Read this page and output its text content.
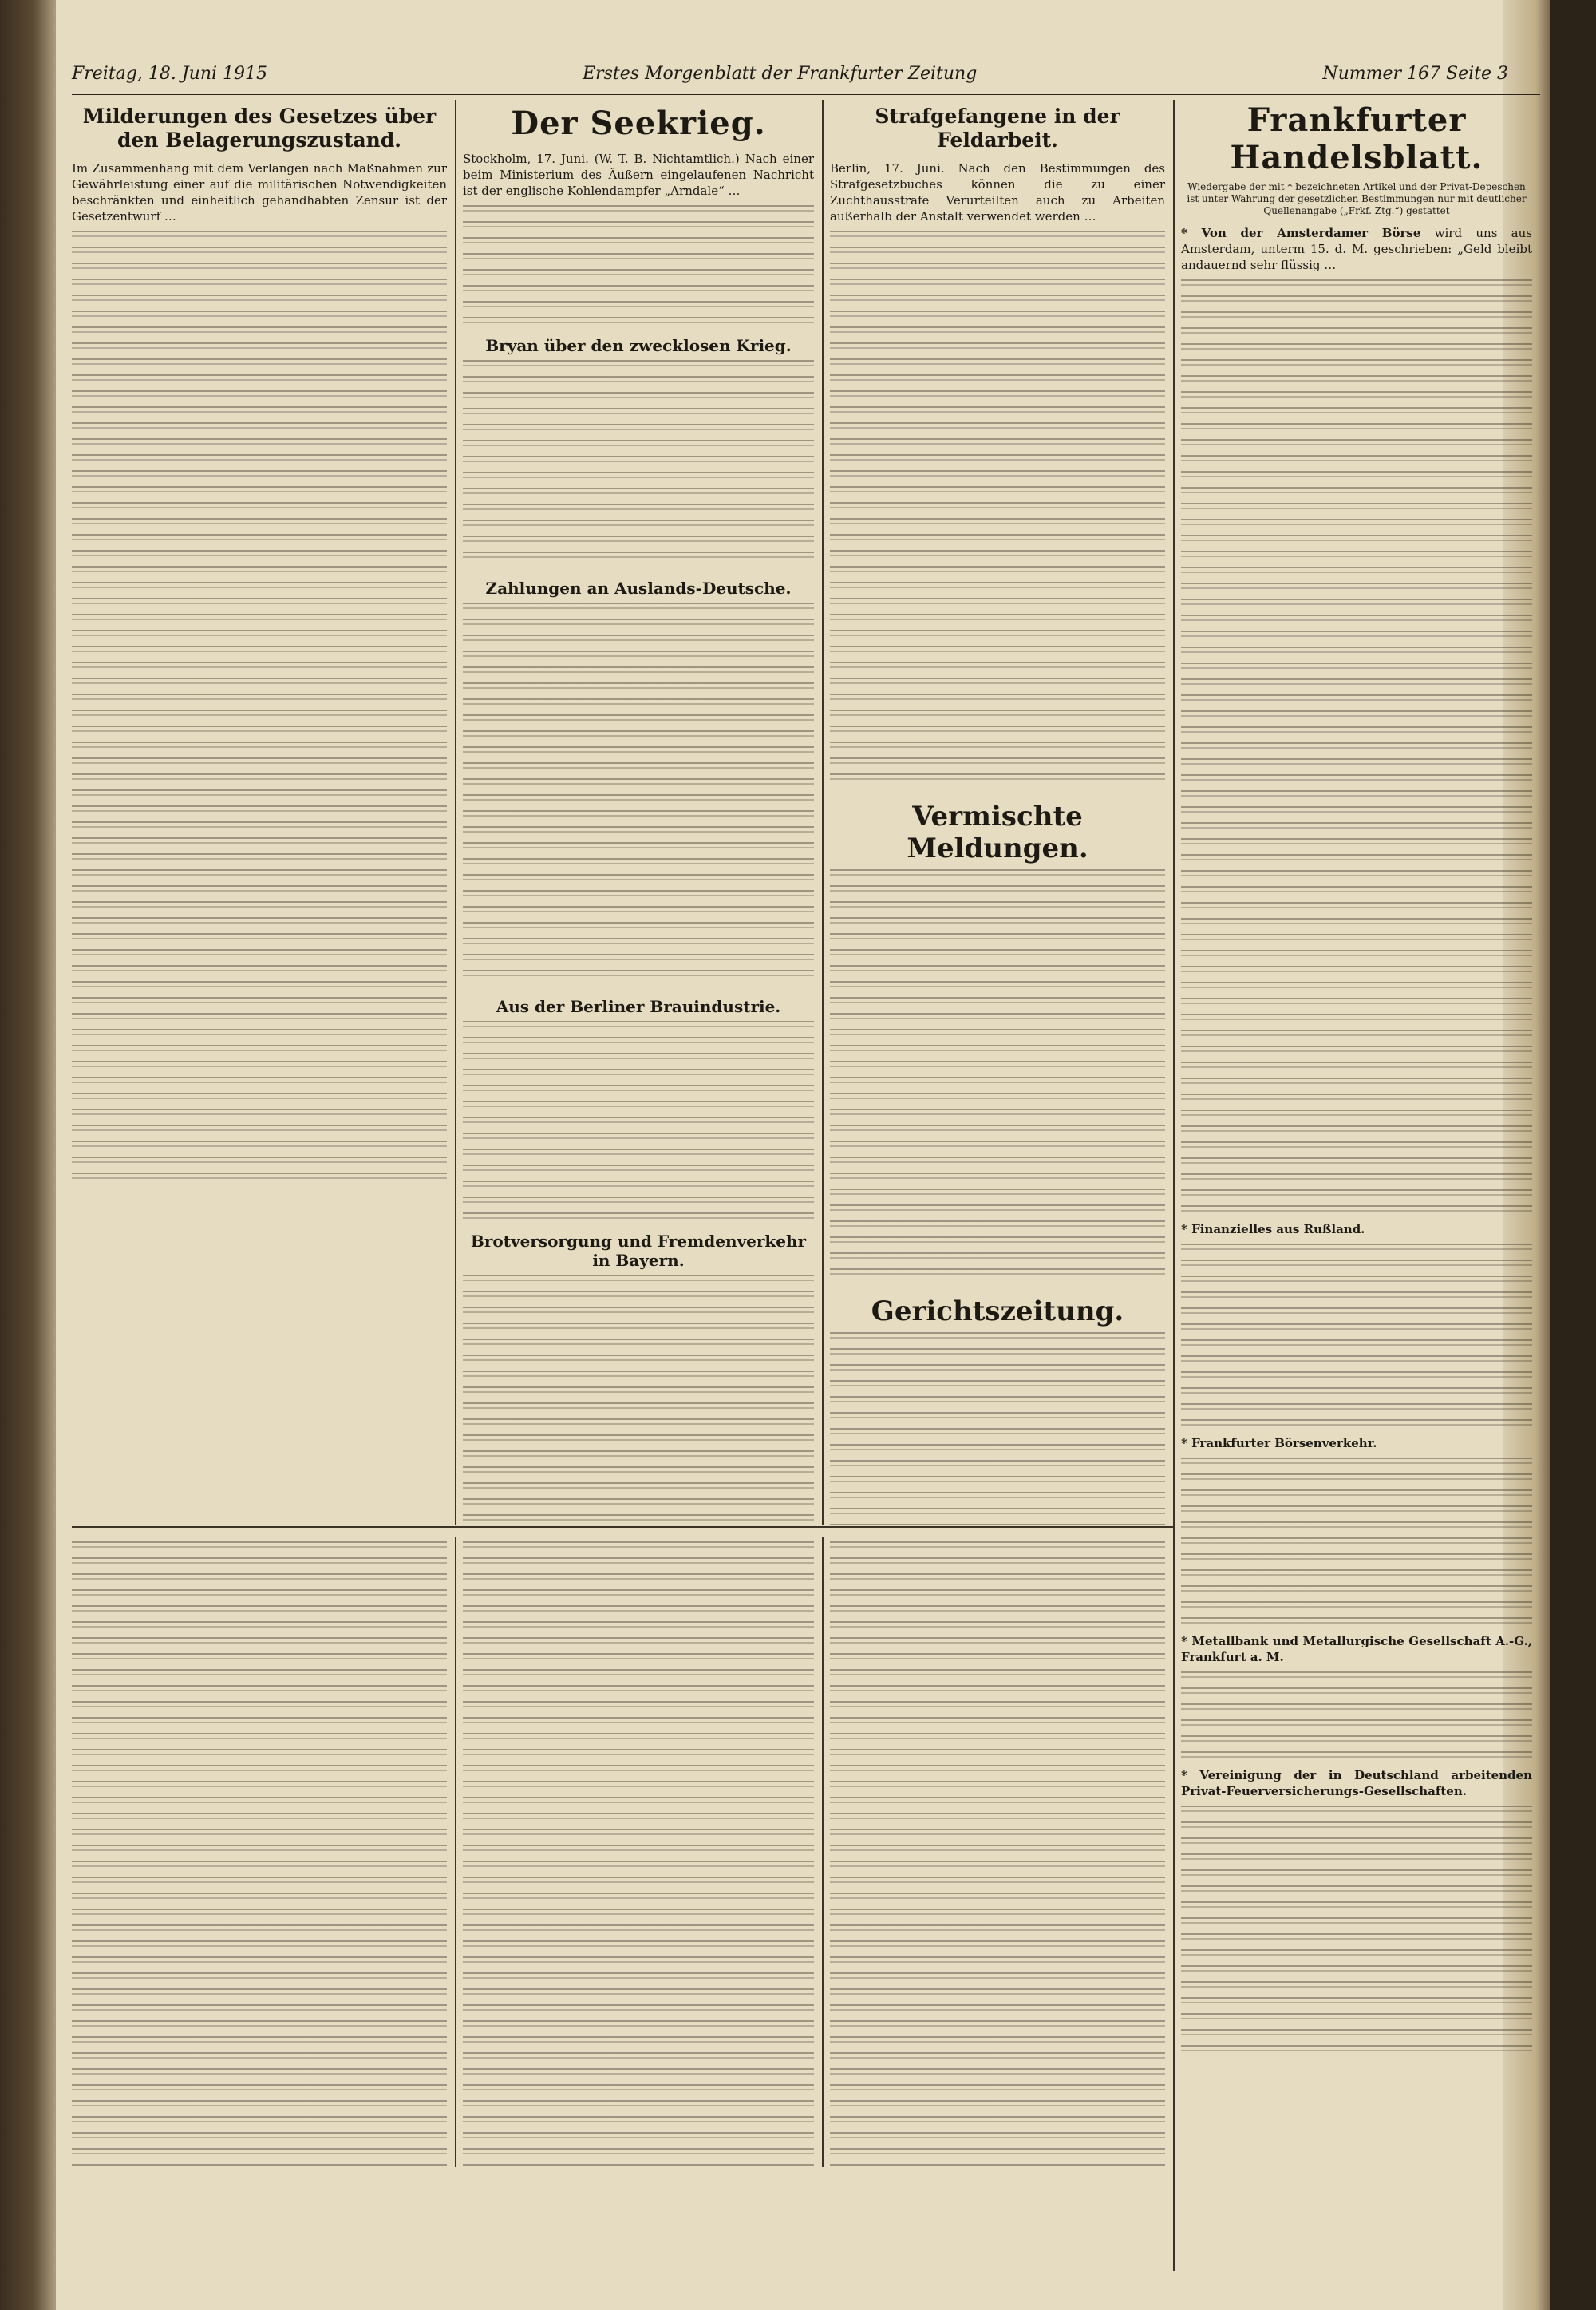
Freitag, 18. Juni 1915	Erstes Morgenblatt der Frankfurter Zeitung	Nummer 167 Seite 3
Milderungen des Gesetzes über den Belagerungszustand.

Im Zusammenhang mit dem Verlangen nach Maßnahmen zur Gewährleistung einer auf die militärischen Notwendigkeiten beschränkten und einheitlich gehandhabten Zensur ist der Gesetzentwurf …

Der Seekrieg.

Stockholm, 17. Juni. (W. T. B. Nichtamtlich.) Nach einer beim Ministerium des Äußern eingelaufenen Nachricht ist der englische Kohlendampfer „Arndale“ …

Bryan über den zwecklosen Krieg.
Zahlungen an Auslands-Deutsche.
Aus der Berliner Brauindustrie.
Brotversorgung und Fremdenverkehr in Bayern.
Strafgefangene in der Feldarbeit.

Berlin, 17. Juni. Nach den Bestimmungen des Strafgesetzbuches können die zu einer Zuchthausstrafe Verurteilten auch zu Arbeiten außerhalb der Anstalt verwendet werden …

Vermischte Meldungen.
Gerichtszeitung.
Frankfurter Handelsblatt.

Wiedergabe der mit * bezeichneten Artikel und der Privat-Depeschen ist unter Wahrung der gesetzlichen Bestimmungen nur mit deutlicher Quellenangabe („Frkf. Ztg.“) gestattet

* Von der Amsterdamer Börse wird uns aus Amsterdam, unterm 15. d. M. geschrieben: „Geld bleibt andauernd sehr flüssig …

* Finanzielles aus Rußland.

* Frankfurter Börsenverkehr.

* Metallbank und Metallurgische Gesellschaft A.-G., Frankfurt a. M.

* Vereinigung der in Deutschland arbeitenden Privat-Feuerversicherungs-Gesellschaften.
